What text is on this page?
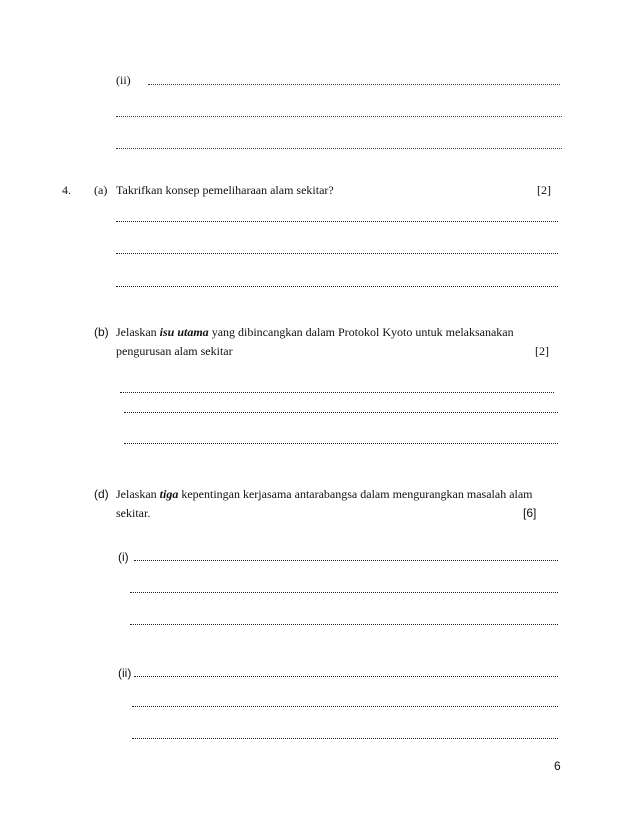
(ii)
4. (a) Takrifkan konsep pemeliharaan alam sekitar?	[2]
(b) Jelaskan isu utama yang dibincangkan dalam Protokol Kyoto untuk melaksanakan
pengurusan alam sekitar	[2]
(d) Jelaskan tiga kepentingan kerjasama antarabangsa dalam mengurangkan masalah alam
sekitar.	[6]
(i)
(ii)
6
